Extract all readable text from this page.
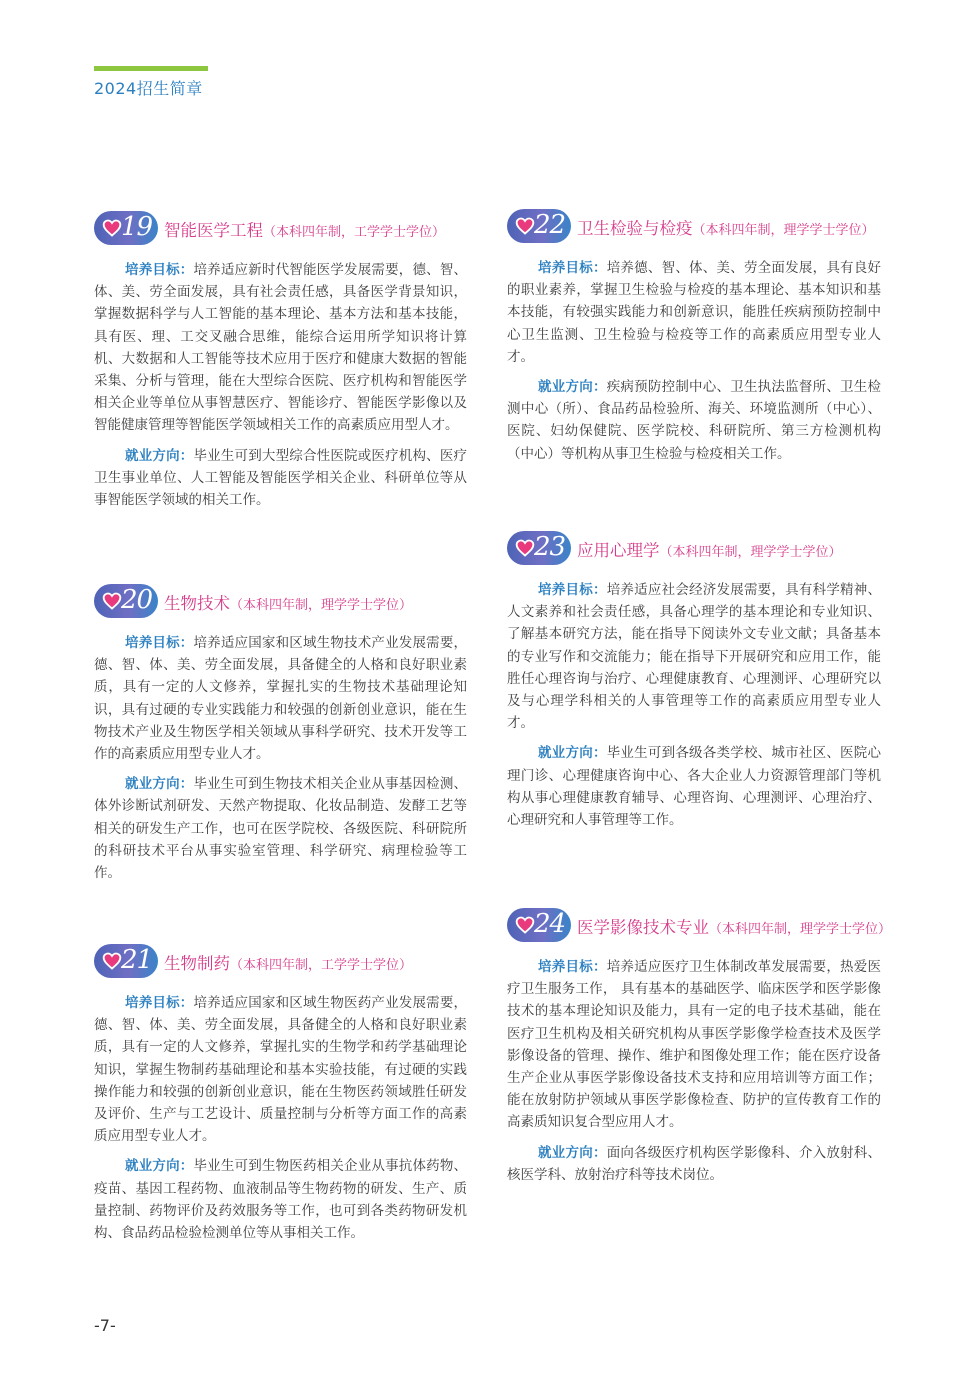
2024招生简章
19 智能医学工程（本科四年制，工学学士学位）

培养目标：培养适应新时代智能医学发展需要，德、智、体、美、劳全面发展，具有社会责任感，具备医学背景知识，掌握数据科学与人工智能的基本理论、基本方法和基本技能，具有医、理、工交叉融合思维，能综合运用所学知识将计算机、大数据和人工智能等技术应用于医疗和健康大数据的智能采集、分析与管理，能在大型综合医院、医疗机构和智能医学相关企业等单位从事智慧医疗、智能诊疗、智能医学影像以及智能健康管理等智能医学领域相关工作的高素质应用型人才。

就业方向：毕业生可到大型综合性医院或医疗机构、医疗卫生事业单位、人工智能及智能医学相关企业、科研单位等从事智能医学领域的相关工作。

20 生物技术（本科四年制，理学学士学位）

培养目标：培养适应国家和区域生物技术产业发展需要，德、智、体、美、劳全面发展，具备健全的人格和良好职业素质，具有一定的人文修养，掌握扎实的生物技术基础理论知识，具有过硬的专业实践能力和较强的创新创业意识，能在生物技术产业及生物医学相关领域从事科学研究、技术开发等工作的高素质应用型专业人才。

就业方向：毕业生可到生物技术相关企业从事基因检测、体外诊断试剂研发、天然产物提取、化妆品制造、发酵工艺等相关的研发生产工作，也可在医学院校、各级医院、科研院所的科研技术平台从事实验室管理、科学研究、病理检验等工作。

21 生物制药（本科四年制，工学学士学位）

培养目标：培养适应国家和区域生物医药产业发展需要，德、智、体、美、劳全面发展，具备健全的人格和良好职业素质，具有一定的人文修养，掌握扎实的生物学和药学基础理论知识，掌握生物制药基础理论和基本实验技能，有过硬的实践操作能力和较强的创新创业意识，能在生物医药领域胜任研发及评价、生产与工艺设计、质量控制与分析等方面工作的高素质应用型专业人才。

就业方向：毕业生可到生物医药相关企业从事抗体药物、疫苗、基因工程药物、血液制品等生物药物的研发、生产、质量控制、药物评价及药效服务等工作，也可到各类药物研发机构、食品药品检验检测单位等从事相关工作。

22 卫生检验与检疫（本科四年制，理学学士学位）

培养目标：培养德、智、体、美、劳全面发展，具有良好的职业素养，掌握卫生检验与检疫的基本理论、基本知识和基本技能，有较强实践能力和创新意识，能胜任疾病预防控制中心卫生监测、卫生检验与检疫等工作的高素质应用型专业人才。

就业方向：疾病预防控制中心、卫生执法监督所、卫生检测中心（所）、食品药品检验所、海关、环境监测所（中心）、医院、妇幼保健院、医学院校、科研院所、第三方检测机构（中心）等机构从事卫生检验与检疫相关工作。

23 应用心理学（本科四年制，理学学士学位）

培养目标：培养适应社会经济发展需要，具有科学精神、人文素养和社会责任感，具备心理学的基本理论和专业知识、了解基本研究方法，能在指导下阅读外文专业文献；具备基本的专业写作和交流能力；能在指导下开展研究和应用工作，能胜任心理咨询与治疗、心理健康教育、心理测评、心理研究以及与心理学科相关的人事管理等工作的高素质应用型专业人才。

就业方向：毕业生可到各级各类学校、城市社区、医院心理门诊、心理健康咨询中心、各大企业人力资源管理部门等机构从事心理健康教育辅导、心理咨询、心理测评、心理治疗、心理研究和人事管理等工作。

24 医学影像技术专业（本科四年制，理学学士学位）

培养目标：培养适应医疗卫生体制改革发展需要，热爱医疗卫生服务工作， 具有基本的基础医学、临床医学和医学影像技术的基本理论知识及能力，具有一定的电子技术基础，能在医疗卫生机构及相关研究机构从事医学影像学检查技术及医学影像设备的管理、操作、维护和图像处理工作；能在医疗设备生产企业从事医学影像设备技术支持和应用培训等方面工作；能在放射防护领域从事医学影像检查、防护的宣传教育工作的高素质知识复合型应用人才。

就业方向：面向各级医疗机构医学影像科、介入放射科、核医学科、放射治疗科等技术岗位。

-7-
